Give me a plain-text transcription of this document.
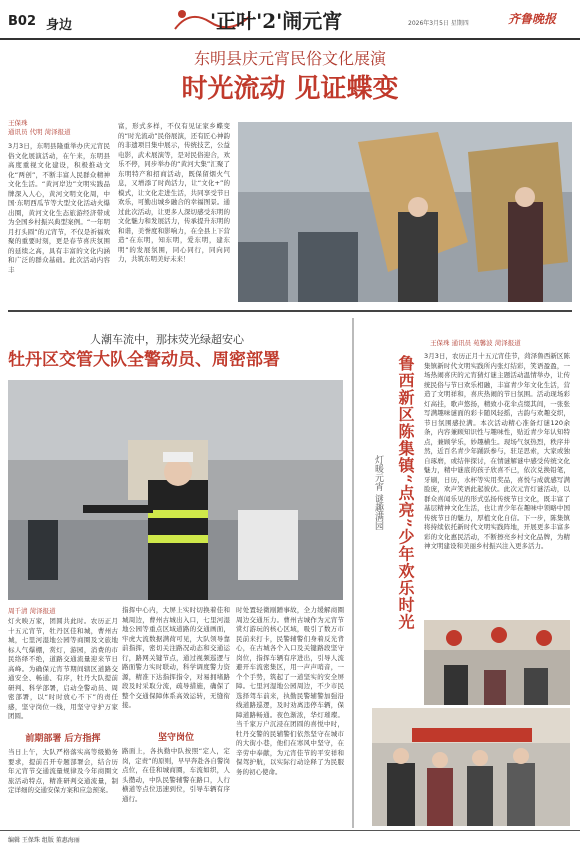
B02 身边	'正叶'2'闹元宵	2026年3月5日 星期四	齐鲁晚报
东明县庆元宵民俗文化展演
时光流动 见证蝶变
王保珠
通讯员 代明 菏泽报道
3月3日，东明县隆重举办庆元宵民俗文化展演活动，在午来，东明县高度重视文化建设，积极推动文化“两创”，不断丰富人民群众精神文化生活。“黄河岸边”文明实践品牌深入人心，黄河文明文化周，中国·东明西瓜节等大型文化活动火爆出圈，黄河文化生态旅游经济带成为全国乡村振兴典型案例。“一年明月打头圆”的元宵节，不仅是祈福欢聚的重要时刻，更是春节喜庆氛围的延续之高，具有丰富的文化内涵和广泛的群众基础。此次活动内容丰
富，形式多样，不仅有见证家乡蝶变的“时光流动”民俗展演，还有匠心神韵的非遗项目集中展示，传统技艺，公益电影，武术展演等，是对民俗迎合，欢乐不停，同步举办的“黄河大集”汇聚了东明特产和招商活动，既保留烟火气息，又增添了时尚活力，让“文化+”的模式，让文化走进生活，共同享受节日欢乐，可勤出城乡融合的幸福图景。通过此次活动，让更多人深切感受东明的文化魅力和发展活力，传承提升东明的和谐，美誉度和影响力，在全县上下营造“在东明，知东明，爱东明，建东明”的发展氛围，同心同行，同向同力，共筑东明美好未来！
人潮车流中，那抹荧光绿超安心
牡丹区交管大队全警动员、周密部署
周千清 菏泽报道
灯火映万家，团圆共此时。农历正月十五元宵节，牡丹区佳和城，曹州古城，七里河湿地公园等商圈及文旅地标人气爆棚，赏灯，游园，消费的市民络绎不绝，道路交通流量迎来节日高峰。为确保元宵节期间辖区道路交通安全、畅通、有序，牡丹大队提前研判、科学部署，启动全警动员、周密部署，以“时时放心不下”的责任感，坚守岗位一线，用坚守守护万家团圆。
前期部署 后方指挥
当日上午，大队严格落实高等级勤务要求，提前召开专题部署会，结合历年元宵节交通流量规律及今年商圈文旅活动特点，精准研判交通流量，制定详细的交通安保方案和应急预案。
指挥中心内，大屏上实时切换着佳和城周边，曹州古城出入口，七里河湿地公园等重点区域道路的交通画面，牢虎大流数据满荷可见，大队领导靠前指挥，密切关注路况动态和交通运行，路网关键节点，通过视频巡逻与路面警力实时联动，科学调度警力资源，精准下达指挥指令，对易拥堵路段及时采取分流，疏导措施，确保了整个交通保障体系高效运转，无缝衔接。
坚守岗位
路面上，各执勤中队按照“定人，定岗，定责”的原则，早早奔赴各自警岗点位，在佳和城商圈，车流如织，人头攒动，中队民警辅警在路口，人行横道等点位迅速到位，引导车辆有序通行。
时处置轻微剐蹭事故，全力缓解商圈周边交通压力。曹州古城作为元宵节赏灯游玩的核心区域，吸引了数万市民前来打卡，民警辅警们身着反光背心，在古城各个入口及关键路段坚守岗位，指挥车辆有序进出，引导人流避开车流密集区，用一声声哨音，一个个手势，筑起了一道坚实的安全屏障。七里河湿地公园周边，不少市民选择驾车前来，执勤民警辅警加强沿线道路巡逻，及时劝离违停车辆，保障道路畅通。夜色渐浓，华灯璀璨。当千家万户沉浸在团圆的喜悦中时，牡丹交警的民辅警们依然坚守在城市的大街小巷，他们在寒风中坚守，在辛劳中奉献，为元宵佳节的平安祥和保驾护航，以实际行动诠释了为民服务的初心使命。
王保珠 通讯员 苑馨波 菏泽报道
鲁西新区陈集镇“点亮”少年欢乐时光
灯暖元宵 谜趣满园
3月3日，农历正月十五元宵佳节，菏泽鲁西新区陈集镇新时代文明实践所内张灯结彩，笑语盈盈，一场热闹喜庆的元宵猜灯谜主题活动温情举办，让传统民俗与节日欢乐相融，丰富青少年文化生活，营造了文明祥和，喜庆热闹的节日氛围。活动现场彩灯高挂，歌声悠扬，精致小花伞点缀其间，一张张写满趣味谜面的彩卡随风轻摇，古韵与欢趣交织，节日氛围感拉满。本次活动精心准备灯谜120余条，内容兼顾知识性与趣味性，贴近青少年认知特点，兼顾学乐，妙趣横生。现场气氛热烈，秩序井然，近百名青少年踊跃参与，驻足思索，大家或独自琢磨，或结伴探讨，在情谜解谜中感受传统文化魅力，精中谜底的孩子欣喜不已，依次兑换铅笔，牙刷，日历，水杯等实用奖品，喜悦与成就感写满脸庞，欢声笑语此起彼伏。此次元宵灯谜活动，以群众喜闻乐见的形式弘扬传统节日文化，既丰富了基层精神文化生活，也让青少年在趣味中领略中国传统节日的魅力，厚植文化自信。下一步，陈集镇将持续依托新时代文明实践阵地，开展更多丰富多彩的文化惠民活动，不断擦亮乡村文化品牌，为精神文明建设和美丽乡村振兴注入更多活力。
编辑 王保珠 组版 董惠海丽
